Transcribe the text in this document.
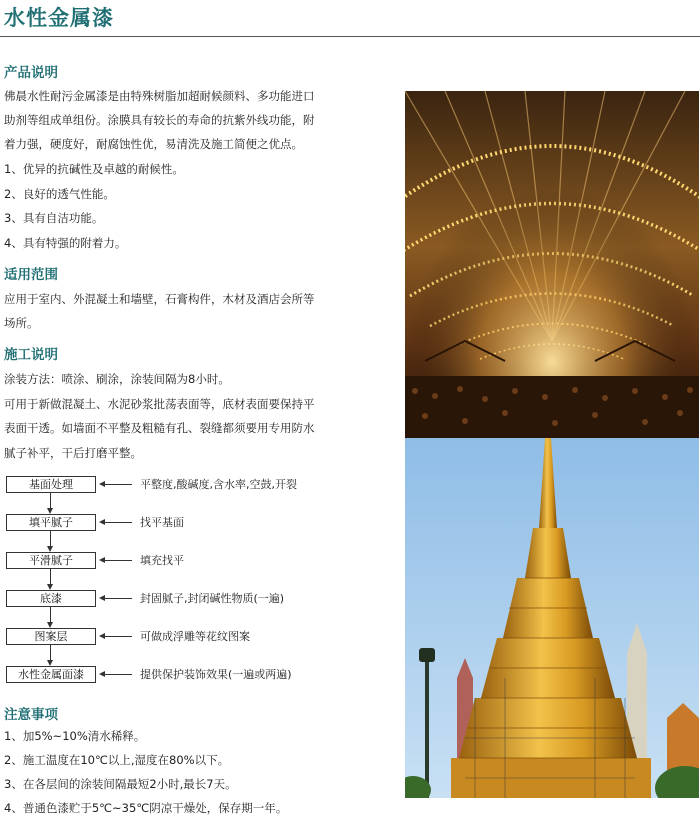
水性金属漆
产品说明
佛晨水性耐污金属漆是由特殊树脂加超耐候颜料、多功能进口
助剂等组成单组份。涂膜具有较长的寿命的抗紫外线功能，附
着力强，硬度好，耐腐蚀性优，易清洗及施工简便之优点。
1、优异的抗碱性及卓越的耐候性。
2、良好的透气性能。
3、具有自洁功能。
4、具有特强的附着力。
适用范围
应用于室内、外混凝土和墙壁，石膏构件，木材及酒店会所等
场所。
施工说明
涂装方法：喷涂、刷涂，涂装间隔为8小时。
可用于新做混凝土、水泥砂浆批荡表面等，底材表面要保持平
表面干透。如墙面不平整及粗糙有孔、裂缝都须要用专用防水
腻子补平，干后打磨平整。
基面处理	平整度,酸碱度,含水率,空鼓,开裂
填平腻子	找平基面
平滑腻子	填充找平
底漆	封固腻子,封闭碱性物质(一遍)
图案层	可做成浮雕等花纹图案
水性金属面漆	提供保护装饰效果(一遍或两遍)
注意事项
1、加5%~10%清水稀释。
2、施工温度在10℃以上,湿度在80%以下。
3、在各层间的涂装间隔最短2小时,最长7天。
4、普通色漆贮于5℃~35℃阴凉干燥处，保存期一年。
